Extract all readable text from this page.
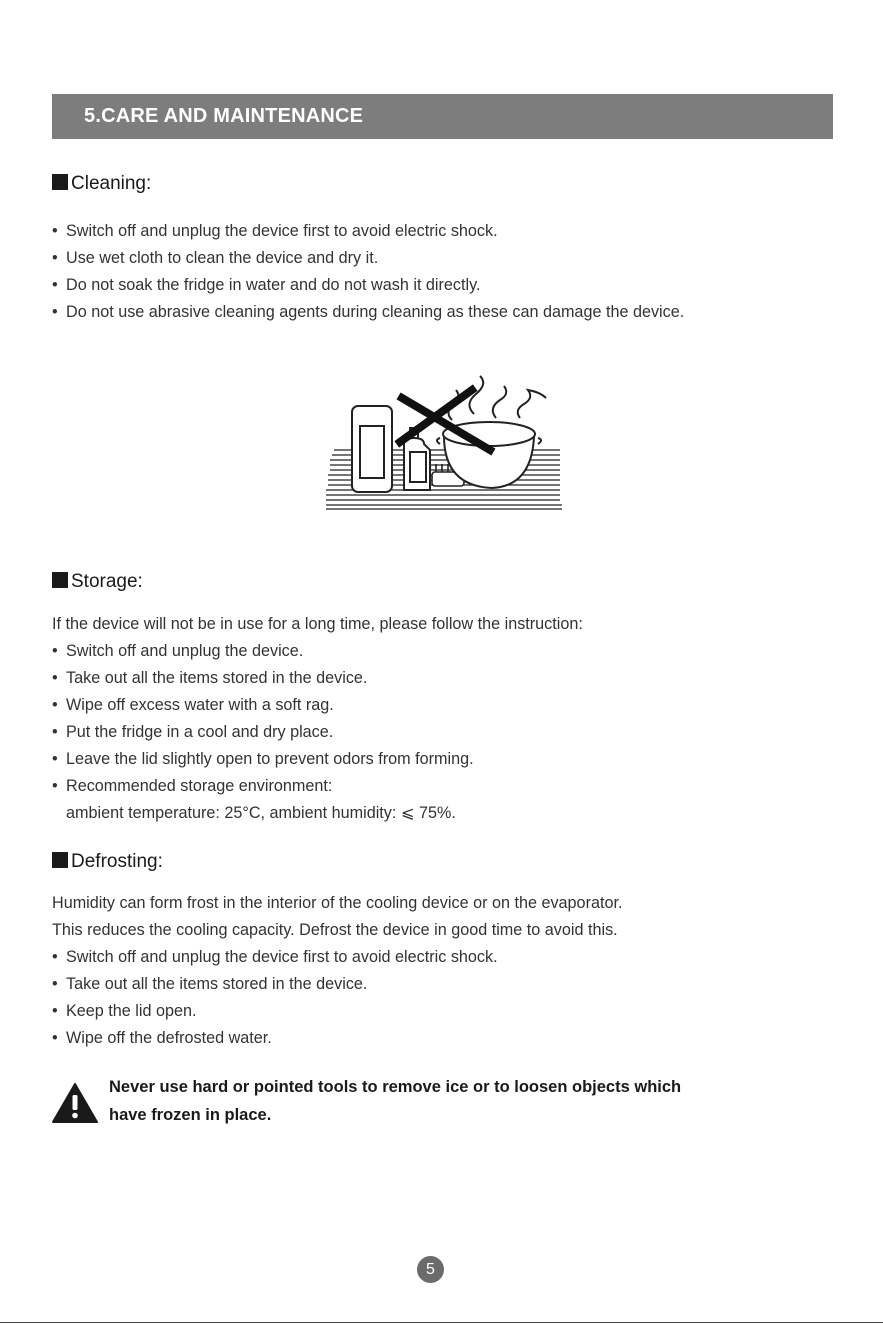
5.CARE AND MAINTENANCE
Cleaning:
• Switch off and unplug the device first to avoid electric shock.
• Use wet cloth to clean the device and dry it.
• Do not soak the fridge in water and do not wash it directly.
• Do not use abrasive cleaning agents during cleaning as these can damage the device.
Storage:
If the device will not be in use for a long time, please follow the instruction:
• Switch off and unplug the device.
• Take out all the items stored in the device.
• Wipe off excess water with a soft rag.
• Put the fridge in a cool and dry place.
• Leave the lid slightly open to prevent odors from forming.
• Recommended storage environment:
ambient temperature: 25°C, ambient humidity: ⩽ 75%.
Defrosting:
Humidity can form frost in the interior of the cooling device or on the evaporator.
This reduces the cooling capacity. Defrost the device in good time to avoid this.
• Switch off and unplug the device first to avoid electric shock.
• Take out all the items stored in the device.
• Keep the lid open.
• Wipe off the defrosted water.
Never use hard or pointed tools to remove ice or to loosen objects which
have frozen in place.
5
